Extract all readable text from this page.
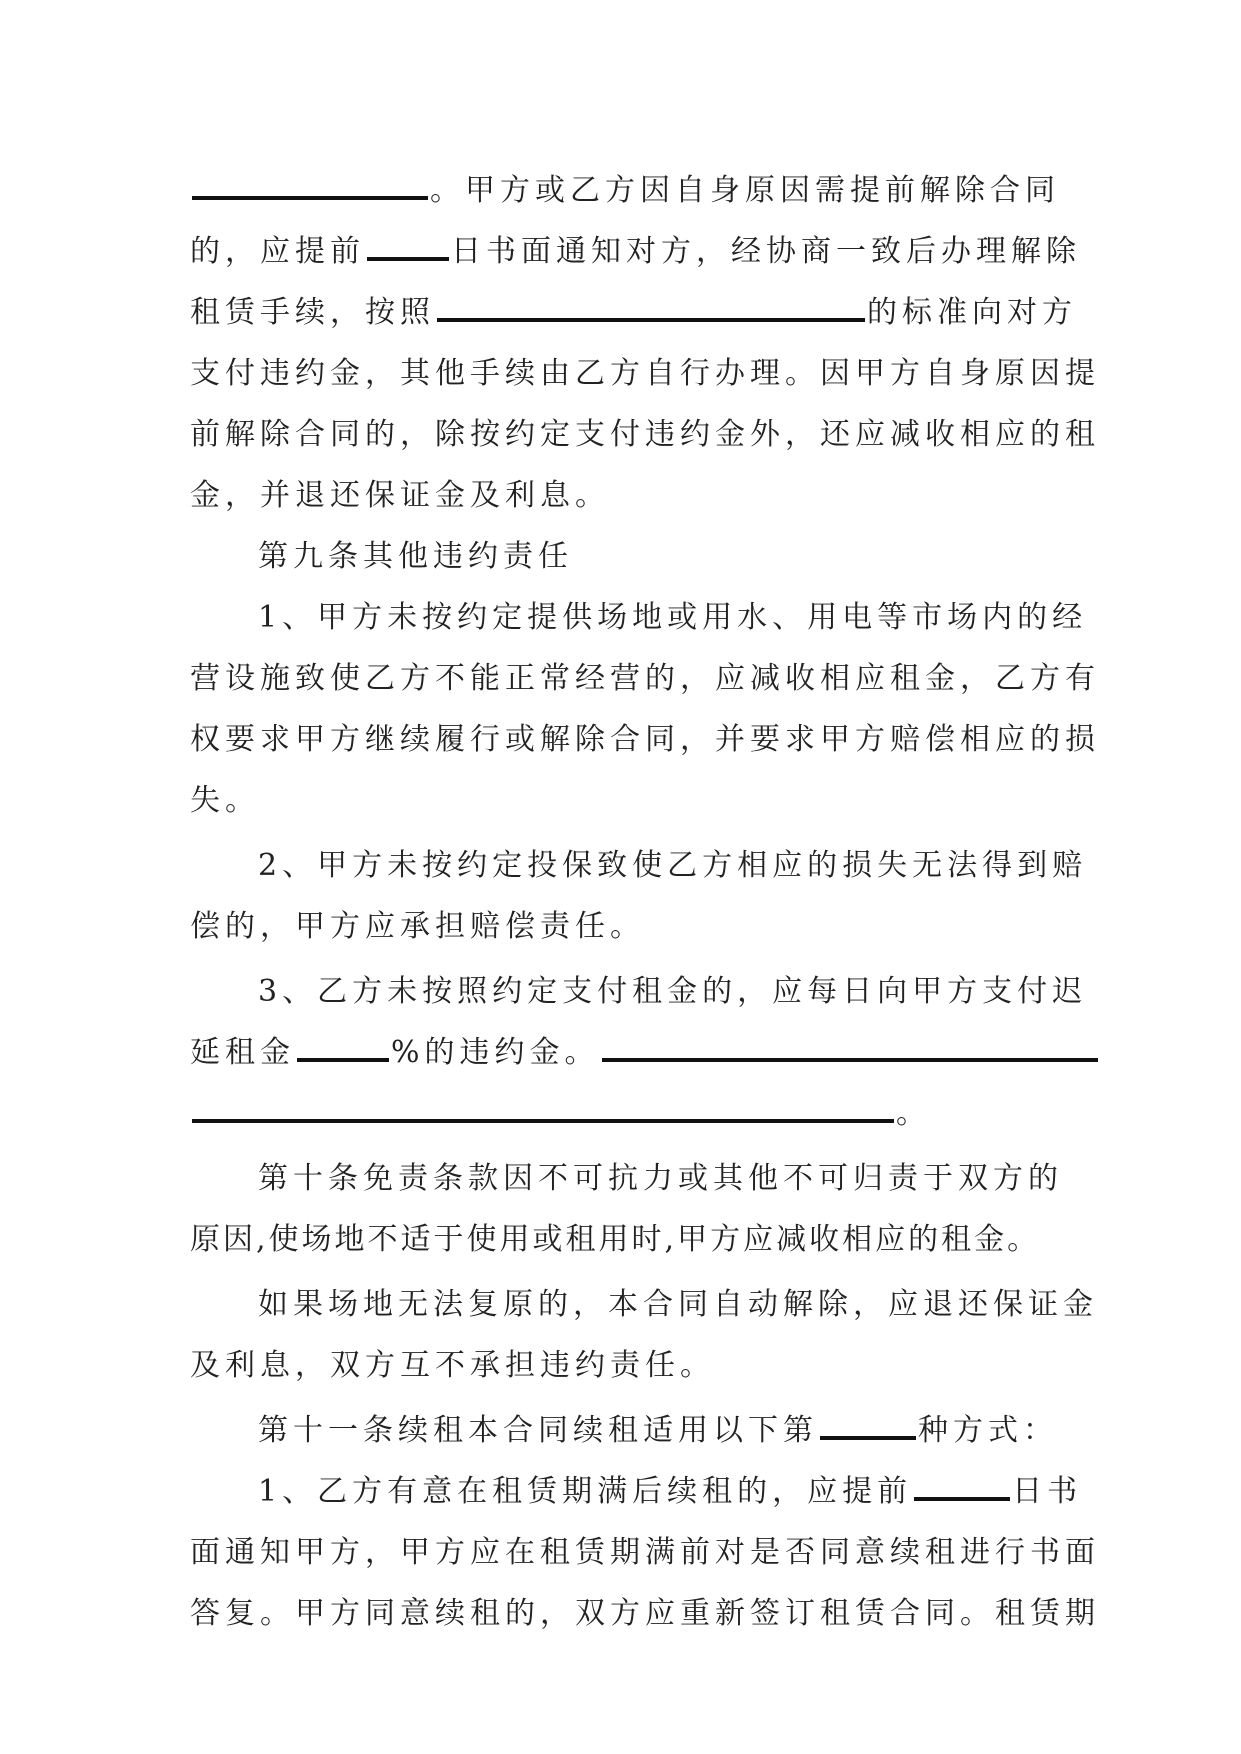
。甲方或乙方因自身原因需提前解除合同
的，应提前	日书面通知对方，经协商一致后办理解除
租赁手续，按照	的标准向对方
支付违约金，其他手续由乙方自行办理。因甲方自身原因提
前解除合同的，除按约定支付违约金外，还应减收相应的租
金，并退还保证金及利息。
第九条其他违约责任
1、甲方未按约定提供场地或用水、用电等市场内的经
营设施致使乙方不能正常经营的，应减收相应租金，乙方有
权要求甲方继续履行或解除合同，并要求甲方赔偿相应的损
失。
2、甲方未按约定投保致使乙方相应的损失无法得到赔
偿的，甲方应承担赔偿责任。
3、乙方未按照约定支付租金的，应每日向甲方支付迟
延租金	%的违约金。
。
第十条免责条款因不可抗力或其他不可归责于双方的
原因,使场地不适于使用或租用时,甲方应减收相应的租金。
如果场地无法复原的，本合同自动解除，应退还保证金
及利息，双方互不承担违约责任。
第十一条续租本合同续租适用以下第	种方式：
1、乙方有意在租赁期满后续租的，应提前	日书
面通知甲方，甲方应在租赁期满前对是否同意续租进行书面
答复。甲方同意续租的，双方应重新签订租赁合同。租赁期
